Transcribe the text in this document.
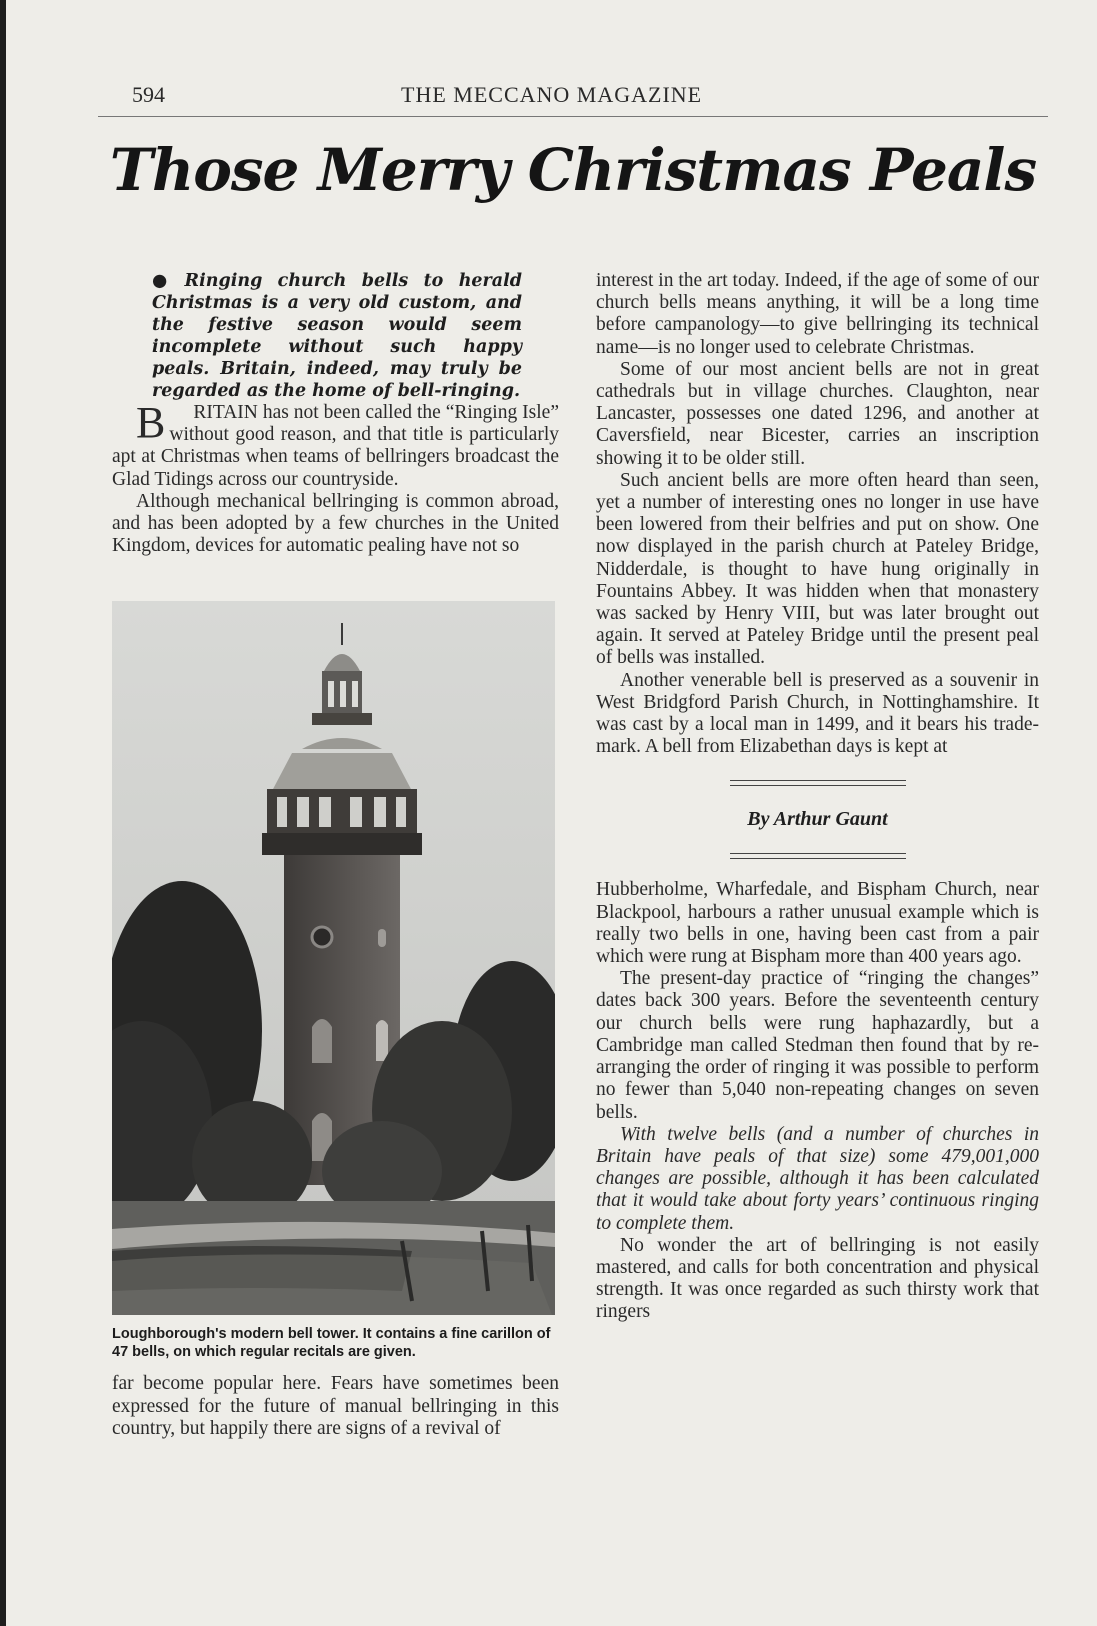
594	THE MECCANO MAGAZINE
Those Merry Christmas Peals

● Ringing church bells to herald Christmas is a very old custom, and the festive season would seem incomplete without such happy peals. Britain, indeed, may truly be regarded as the home of bell-ringing.

B RITAIN has not been called the “Ringing Isle” without good reason, and that title is particularly apt at Christmas when teams of bellringers broadcast the Glad Tidings across our countryside.

Although mechanical bellringing is common abroad, and has been adopted by a few churches in the United Kingdom, devices for automatic pealing have not so

Loughborough's modern bell tower. It contains a fine carillon of 47 bells, on which regular recitals are given.

far become popular here. Fears have sometimes been expressed for the future of manual bellringing in this country, but happily there are signs of a revival of

interest in the art today. Indeed, if the age of some of our church bells means anything, it will be a long time before campanology—to give bellringing its technical name—is no longer used to celebrate Christmas.

Some of our most ancient bells are not in great cathedrals but in village churches. Claughton, near Lancaster, possesses one dated 1296, and another at Caversfield, near Bicester, carries an inscription showing it to be older still.

Such ancient bells are more often heard than seen, yet a number of interesting ones no longer in use have been lowered from their belfries and put on show. One now displayed in the parish church at Pateley Bridge, Nidderdale, is thought to have hung originally in Fountains Abbey. It was hidden when that monastery was sacked by Henry VIII, but was later brought out again. It served at Pateley Bridge until the present peal of bells was installed.

Another venerable bell is preserved as a souvenir in West Bridgford Parish Church, in Nottinghamshire. It was cast by a local man in 1499, and it bears his trade-mark. A bell from Elizabethan days is kept at

By Arthur Gaunt

Hubberholme, Wharfedale, and Bispham Church, near Blackpool, harbours a rather unusual example which is really two bells in one, having been cast from a pair which were rung at Bispham more than 400 years ago.

The present-day practice of “ringing the changes” dates back 300 years. Before the seventeenth century our church bells were rung haphazardly, but a Cambridge man called Stedman then found that by re-arranging the order of ringing it was possible to perform no fewer than 5,040 non-repeating changes on seven bells.

With twelve bells (and a number of churches in Britain have peals of that size) some 479,001,000 changes are possible, although it has been calculated that it would take about forty years’ continuous ringing to complete them.

No wonder the art of bellringing is not easily mastered, and calls for both concentration and physical strength. It was once regarded as such thirsty work that ringers
